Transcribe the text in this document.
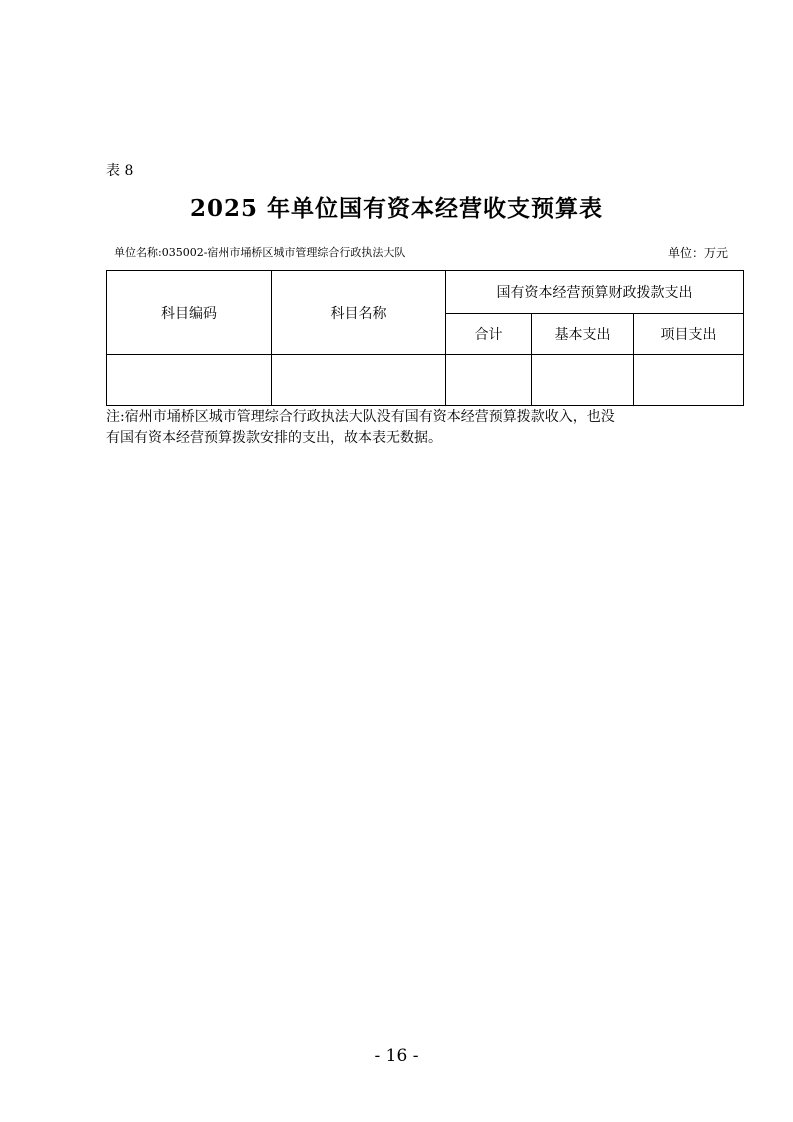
表 8
2025 年单位国有资本经营收支预算表
单位名称:035002-宿州市埇桥区城市管理综合行政执法大队	单位：万元
科目编码	科目名称	国有资本经营预算财政拨款支出		
		合计	基本支出	项目支出

注:宿州市埇桥区城市管理综合行政执法大队没有国有资本经营预算拨款收入，也没
有国有资本经营预算拨款安排的支出，故本表无数据。
- 16 -
